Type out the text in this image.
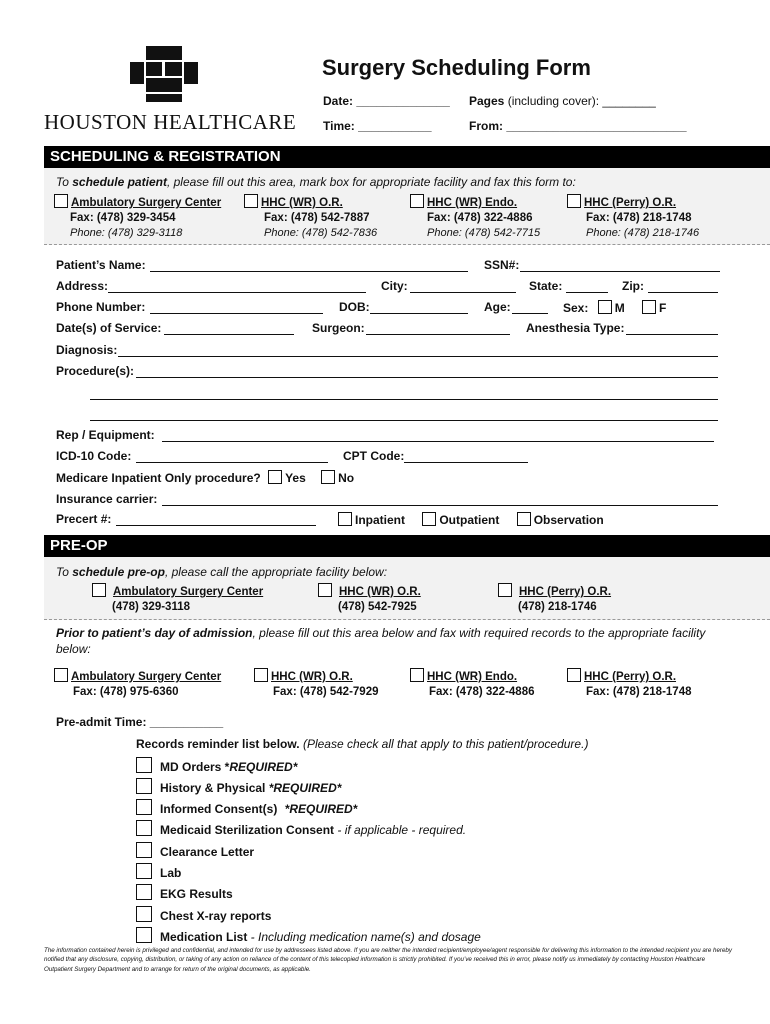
HOUSTON HEALTHCARE
Surgery Scheduling Form
Date: ______________ Pages (including cover): ________
Time: ___________	From: ___________________________
SCHEDULING & REGISTRATION
To schedule patient, please fill out this area, mark box for appropriate facility and fax this form to:
Ambulatory Surgery Center
Fax: (478) 329-3454
Phone: (478) 329-3118
HHC (WR) O.R.
Fax: (478) 542-7887
Phone: (478) 542-7836
HHC (WR) Endo.
Fax: (478) 322-4886
Phone: (478) 542-7715
HHC (Perry) O.R.
Fax: (478) 218-1748
Phone: (478) 218-1746
Patient’s Name:	SSN#:
Address:	City:	State:	Zip:
Phone Number:	DOB:	Age:	Sex: M	F
Date(s) of Service:	Surgeon:	Anesthesia Type:
Diagnosis:
Procedure(s):
Rep / Equipment:
ICD-10 Code:	CPT Code:
Medicare Inpatient Only procedure? Yes	No
Insurance carrier:
Precert #:	Inpatient	Outpatient	Observation
PRE-OP
To schedule pre-op, please call the appropriate facility below:
Ambulatory Surgery Center
(478) 329-3118
HHC (WR) O.R.
(478) 542-7925
HHC (Perry) O.R.
(478) 218-1746
Prior to patient’s day of admission, please fill out this area below and fax with required records to the appropriate facility below:
Ambulatory Surgery Center
Fax: (478) 975-6360
HHC (WR) O.R.
Fax: (478) 542-7929
HHC (WR) Endo.
Fax: (478) 322-4886
HHC (Perry) O.R.
Fax: (478) 218-1748
Pre-admit Time: ___________
Records reminder list below. (Please check all that apply to this patient/procedure.)
MD Orders *REQUIRED*
History & Physical *REQUIRED*
Informed Consent(s) *REQUIRED*
Medicaid Sterilization Consent - if applicable - required.
Clearance Letter
Lab
EKG Results
Chest X-ray reports
Medication List - Including medication name(s) and dosage
The information contained herein is privileged and confidential, and intended for use by addressees listed above. If you are neither the intended recipient/employee/agent responsible for delivering this information to the intended recipient you are hereby notified that any disclosure, copying, distribution, or taking of any action on reliance of the content of this telecopied information is strictly prohibited. If you’ve received this in error, please notify us immediately by contacting Houston Healthcare Outpatient Surgery Department and to arrange for return of the original documents, as applicable.
